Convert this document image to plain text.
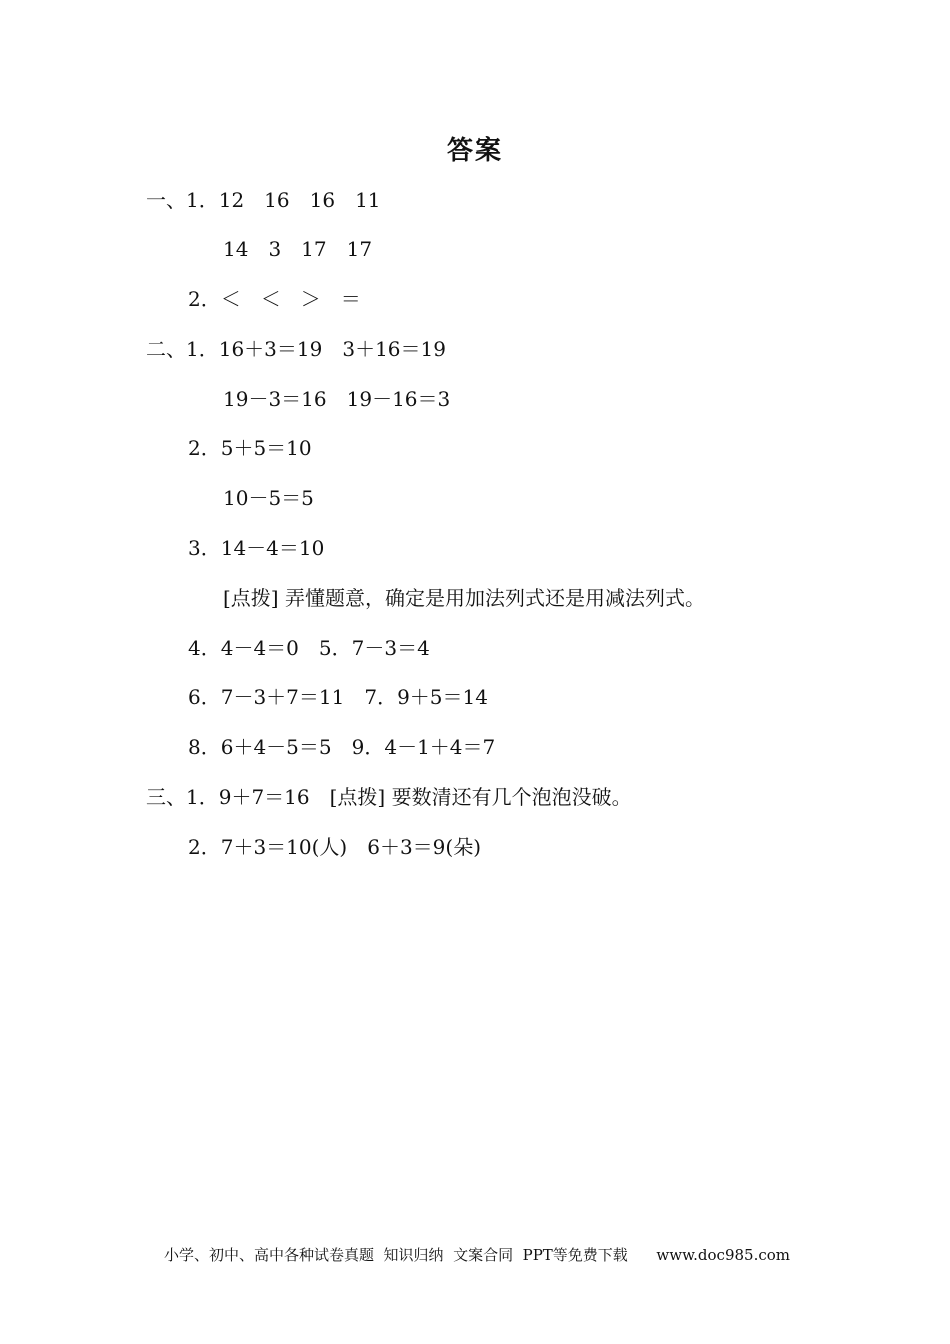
答案
一、1．12　16　16　11
14　3　17　17
2．＜　＜　＞　＝
二、1．16＋3＝19　3＋16＝19
19－3＝16　19－16＝3
2．5＋5＝10
10－5＝5
3．14－4＝10
[点拨] 弄懂题意，确定是用加法列式还是用减法列式。
4．4－4＝0　5．7－3＝4
6．7－3＋7＝11　7．9＋5＝14
8．6＋4－5＝5　9．4－1＋4＝7
三、1．9＋7＝16　[点拨] 要数清还有几个泡泡没破。
2．7＋3＝10(人)　6＋3＝9(朵)
小学、初中、高中各种试卷真题  知识归纳  文案合同  PPT等免费下载      www.doc985.com
